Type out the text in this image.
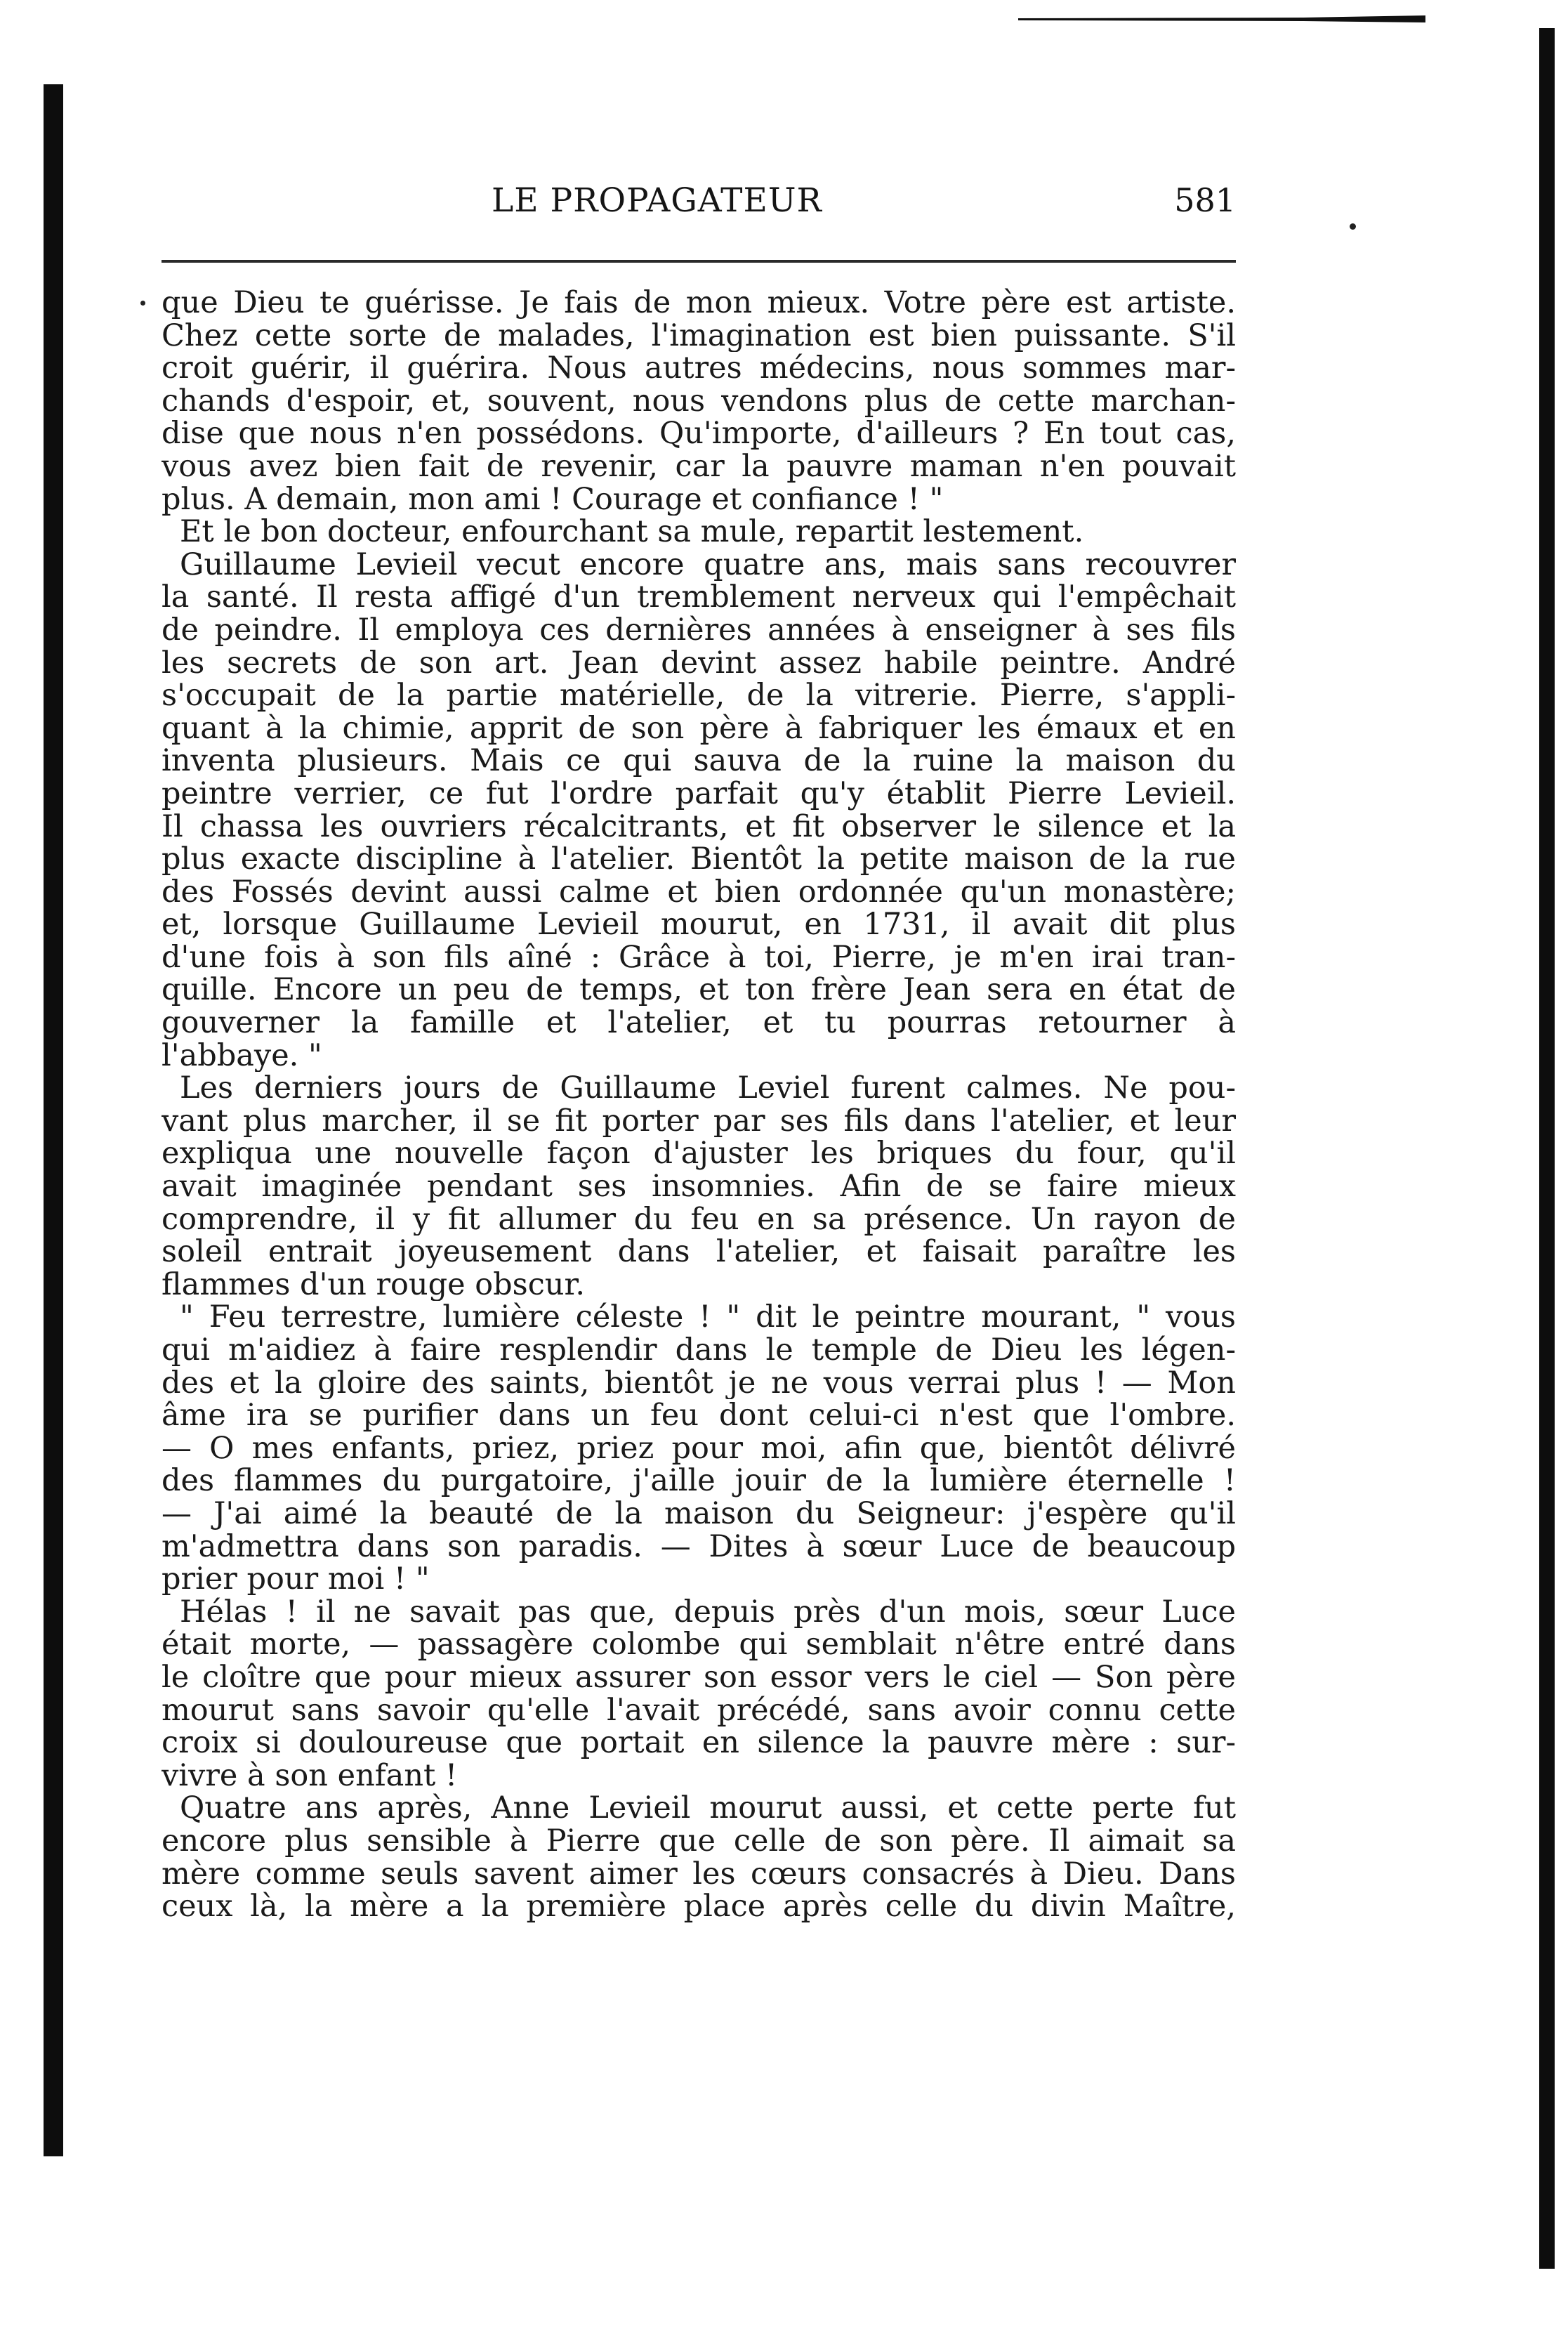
LE PROPAGATEUR	581
que Dieu te guérisse. Je fais de mon mieux. Votre père est artiste.
Chez cette sorte de malades, l'imagination est bien puissante. S'il
croit guérir, il guérira. Nous autres médecins, nous sommes mar-
chands d'espoir, et, souvent, nous vendons plus de cette marchan-
dise que nous n'en possédons. Qu'importe, d'ailleurs ? En tout cas,
vous avez bien fait de revenir, car la pauvre maman n'en pouvait
plus. A demain, mon ami ! Courage et confiance ! "
Et le bon docteur, enfourchant sa mule, repartit lestement.
Guillaume Levieil vecut encore quatre ans, mais sans recouvrer
la santé. Il resta affigé d'un tremblement nerveux qui l'empêchait
de peindre. Il employa ces dernières années à enseigner à ses fils
les secrets de son art. Jean devint assez habile peintre. André
s'occupait de la partie matérielle, de la vitrerie. Pierre, s'appli-
quant à la chimie, apprit de son père à fabriquer les émaux et en
inventa plusieurs. Mais ce qui sauva de la ruine la maison du
peintre verrier, ce fut l'ordre parfait qu'y établit Pierre Levieil.
Il chassa les ouvriers récalcitrants, et fit observer le silence et la
plus exacte discipline à l'atelier. Bientôt la petite maison de la rue
des Fossés devint aussi calme et bien ordonnée qu'un monastère;
et, lorsque Guillaume Levieil mourut, en 1731, il avait dit plus
d'une fois à son fils aîné : Grâce à toi, Pierre, je m'en irai tran-
quille. Encore un peu de temps, et ton frère Jean sera en état de
gouverner la famille et l'atelier, et tu pourras retourner à
l'abbaye. "
Les derniers jours de Guillaume Leviel furent calmes. Ne pou-
vant plus marcher, il se fit porter par ses fils dans l'atelier, et leur
expliqua une nouvelle façon d'ajuster les briques du four, qu'il
avait imaginée pendant ses insomnies. Afin de se faire mieux
comprendre, il y fit allumer du feu en sa présence. Un rayon de
soleil entrait joyeusement dans l'atelier, et faisait paraître les
flammes d'un rouge obscur.
" Feu terrestre, lumière céleste ! " dit le peintre mourant, " vous
qui m'aidiez à faire resplendir dans le temple de Dieu les légen-
des et la gloire des saints, bientôt je ne vous verrai plus ! — Mon
âme ira se purifier dans un feu dont celui-ci n'est que l'ombre.
— O mes enfants, priez, priez pour moi, afin que, bientôt délivré
des flammes du purgatoire, j'aille jouir de la lumière éternelle !
— J'ai aimé la beauté de la maison du Seigneur: j'espère qu'il
m'admettra dans son paradis. — Dites à sœur Luce de beaucoup
prier pour moi ! "
Hélas ! il ne savait pas que, depuis près d'un mois, sœur Luce
était morte, — passagère colombe qui semblait n'être entré dans
le cloître que pour mieux assurer son essor vers le ciel — Son père
mourut sans savoir qu'elle l'avait précédé, sans avoir connu cette
croix si douloureuse que portait en silence la pauvre mère : sur-
vivre à son enfant !
Quatre ans après, Anne Levieil mourut aussi, et cette perte fut
encore plus sensible à Pierre que celle de son père. Il aimait sa
mère comme seuls savent aimer les cœurs consacrés à Dieu. Dans
ceux là, la mère a la première place après celle du divin Maître,
